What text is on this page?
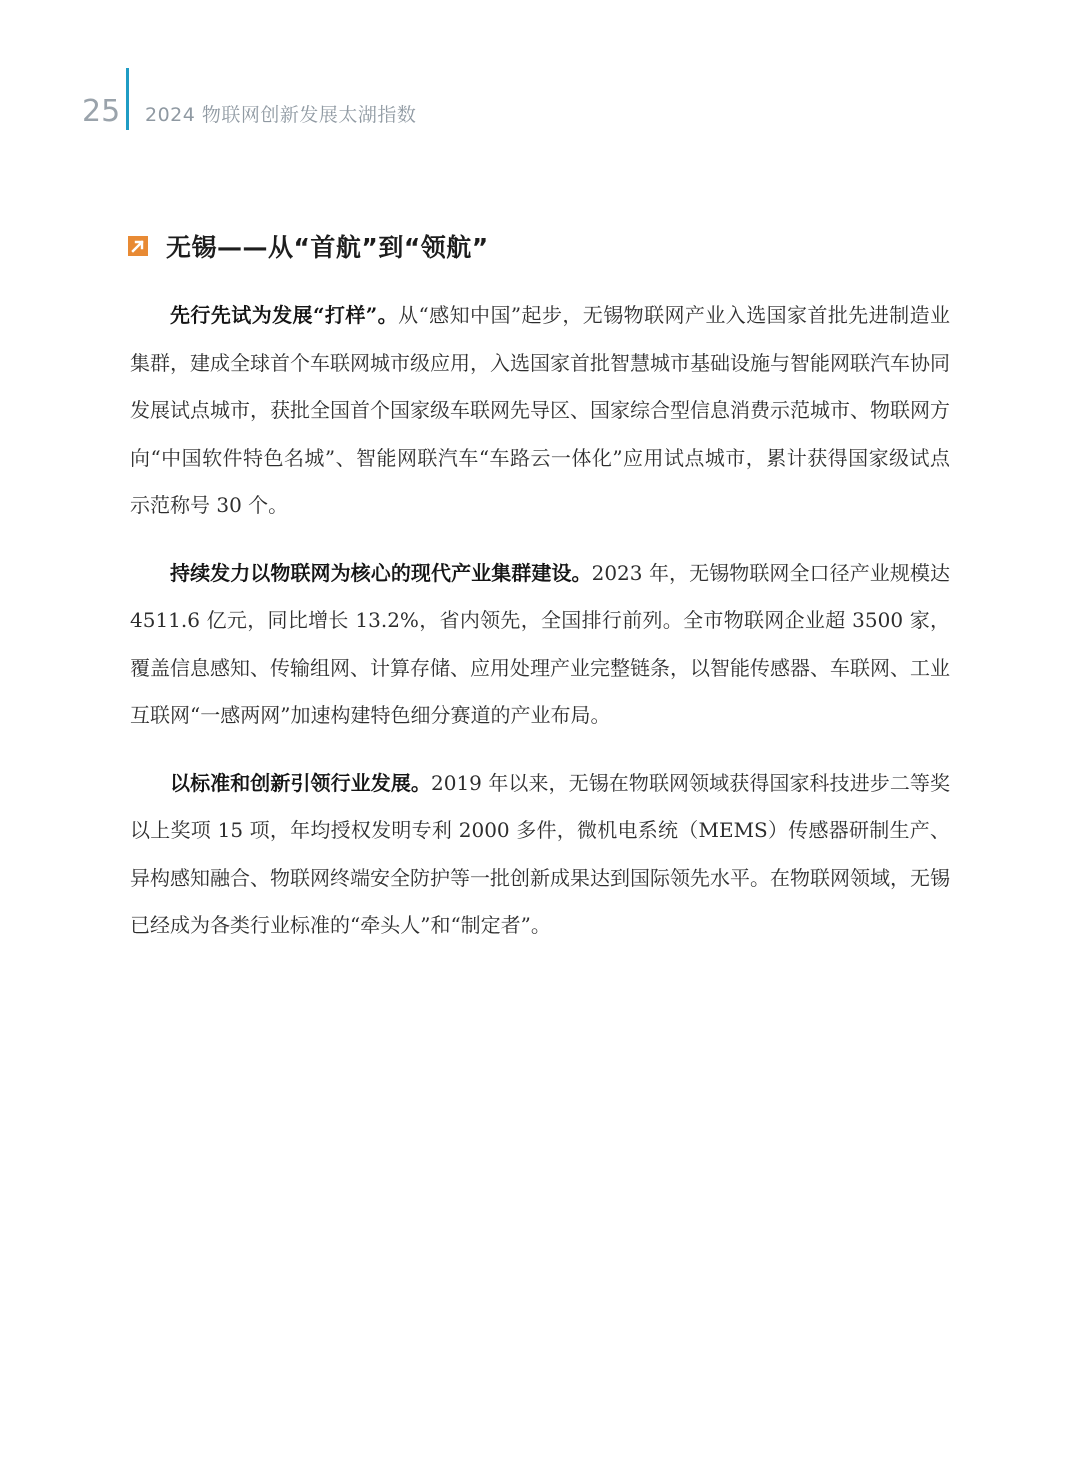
25 2024 物联网创新发展太湖指数
无锡——从“首航”到“领航”

先行先试为发展“打样”。从“感知中国”起步，无锡物联网产业入选国家首批先进制造业集群，建成全球首个车联网城市级应用，入选国家首批智慧城市基础设施与智能网联汽车协同发展试点城市，获批全国首个国家级车联网先导区、国家综合型信息消费示范城市、物联网方向“中国软件特色名城”、智能网联汽车“车路云一体化”应用试点城市，累计获得国家级试点示范称号 30 个。

持续发力以物联网为核心的现代产业集群建设。2023 年，无锡物联网全口径产业规模达 4511.6 亿元，同比增长 13.2%，省内领先，全国排行前列。全市物联网企业超 3500 家，覆盖信息感知、传输组网、计算存储、应用处理产业完整链条，以智能传感器、车联网、工业互联网“一感两网”加速构建特色细分赛道的产业布局。

以标准和创新引领行业发展。2019 年以来，无锡在物联网领域获得国家科技进步二等奖以上奖项 15 项，年均授权发明专利 2000 多件，微机电系统（MEMS）传感器研制生产、异构感知融合、物联网终端安全防护等一批创新成果达到国际领先水平。在物联网领域，无锡已经成为各类行业标准的“牵头人”和“制定者”。
